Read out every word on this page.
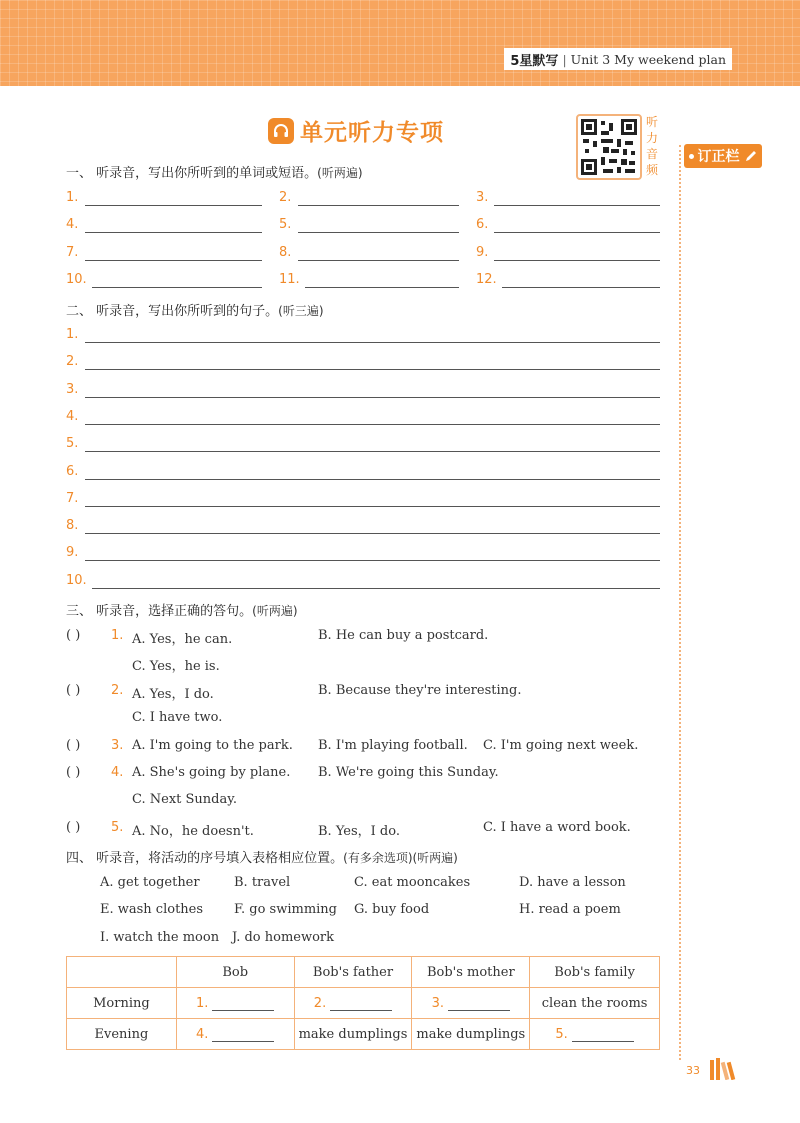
5星默写 | Unit 3 My weekend plan
单元听力专项	听力音频
订正栏
一、 听录音，写出你所听到的单词或短语。(听两遍)
1.	2.	3.
4.	5.	6.
7.	8.	9.
10.	11.	12.
二、 听录音，写出你所听到的句子。(听三遍)
1.
2.
3.
4.
5.
6.
7.
8.
9.
10.
三、 听录音，选择正确的答句。(听两遍)
( ) 1. A. Yes，he can.	B. He can buy a postcard.
C. Yes，he is.
( ) 2. A. Yes，I do.	B. Because they're interesting.
C. I have two.
( ) 3. A. I'm going to the park. B. I'm playing football. C. I'm going next week.
( ) 4. A. She's going by plane. B. We're going this Sunday.
C. Next Sunday.
( ) 5. A. No，he doesn't.	B. Yes，I do.	C. I have a word book.
四、 听录音，将活动的序号填入表格相应位置。(有多余选项)(听两遍)
A. get together	B. travel	C. eat mooncakes	D. have a lesson
E. wash clothes F. go swimming G. buy food	H. read a poem
I. watch the moon J. do homework
	Bob	Bob's father	Bob's mother	Bob's family
Morning	1.	2.	3.	clean the rooms
Evening	4.	make dumplings	make dumplings	5.
33
